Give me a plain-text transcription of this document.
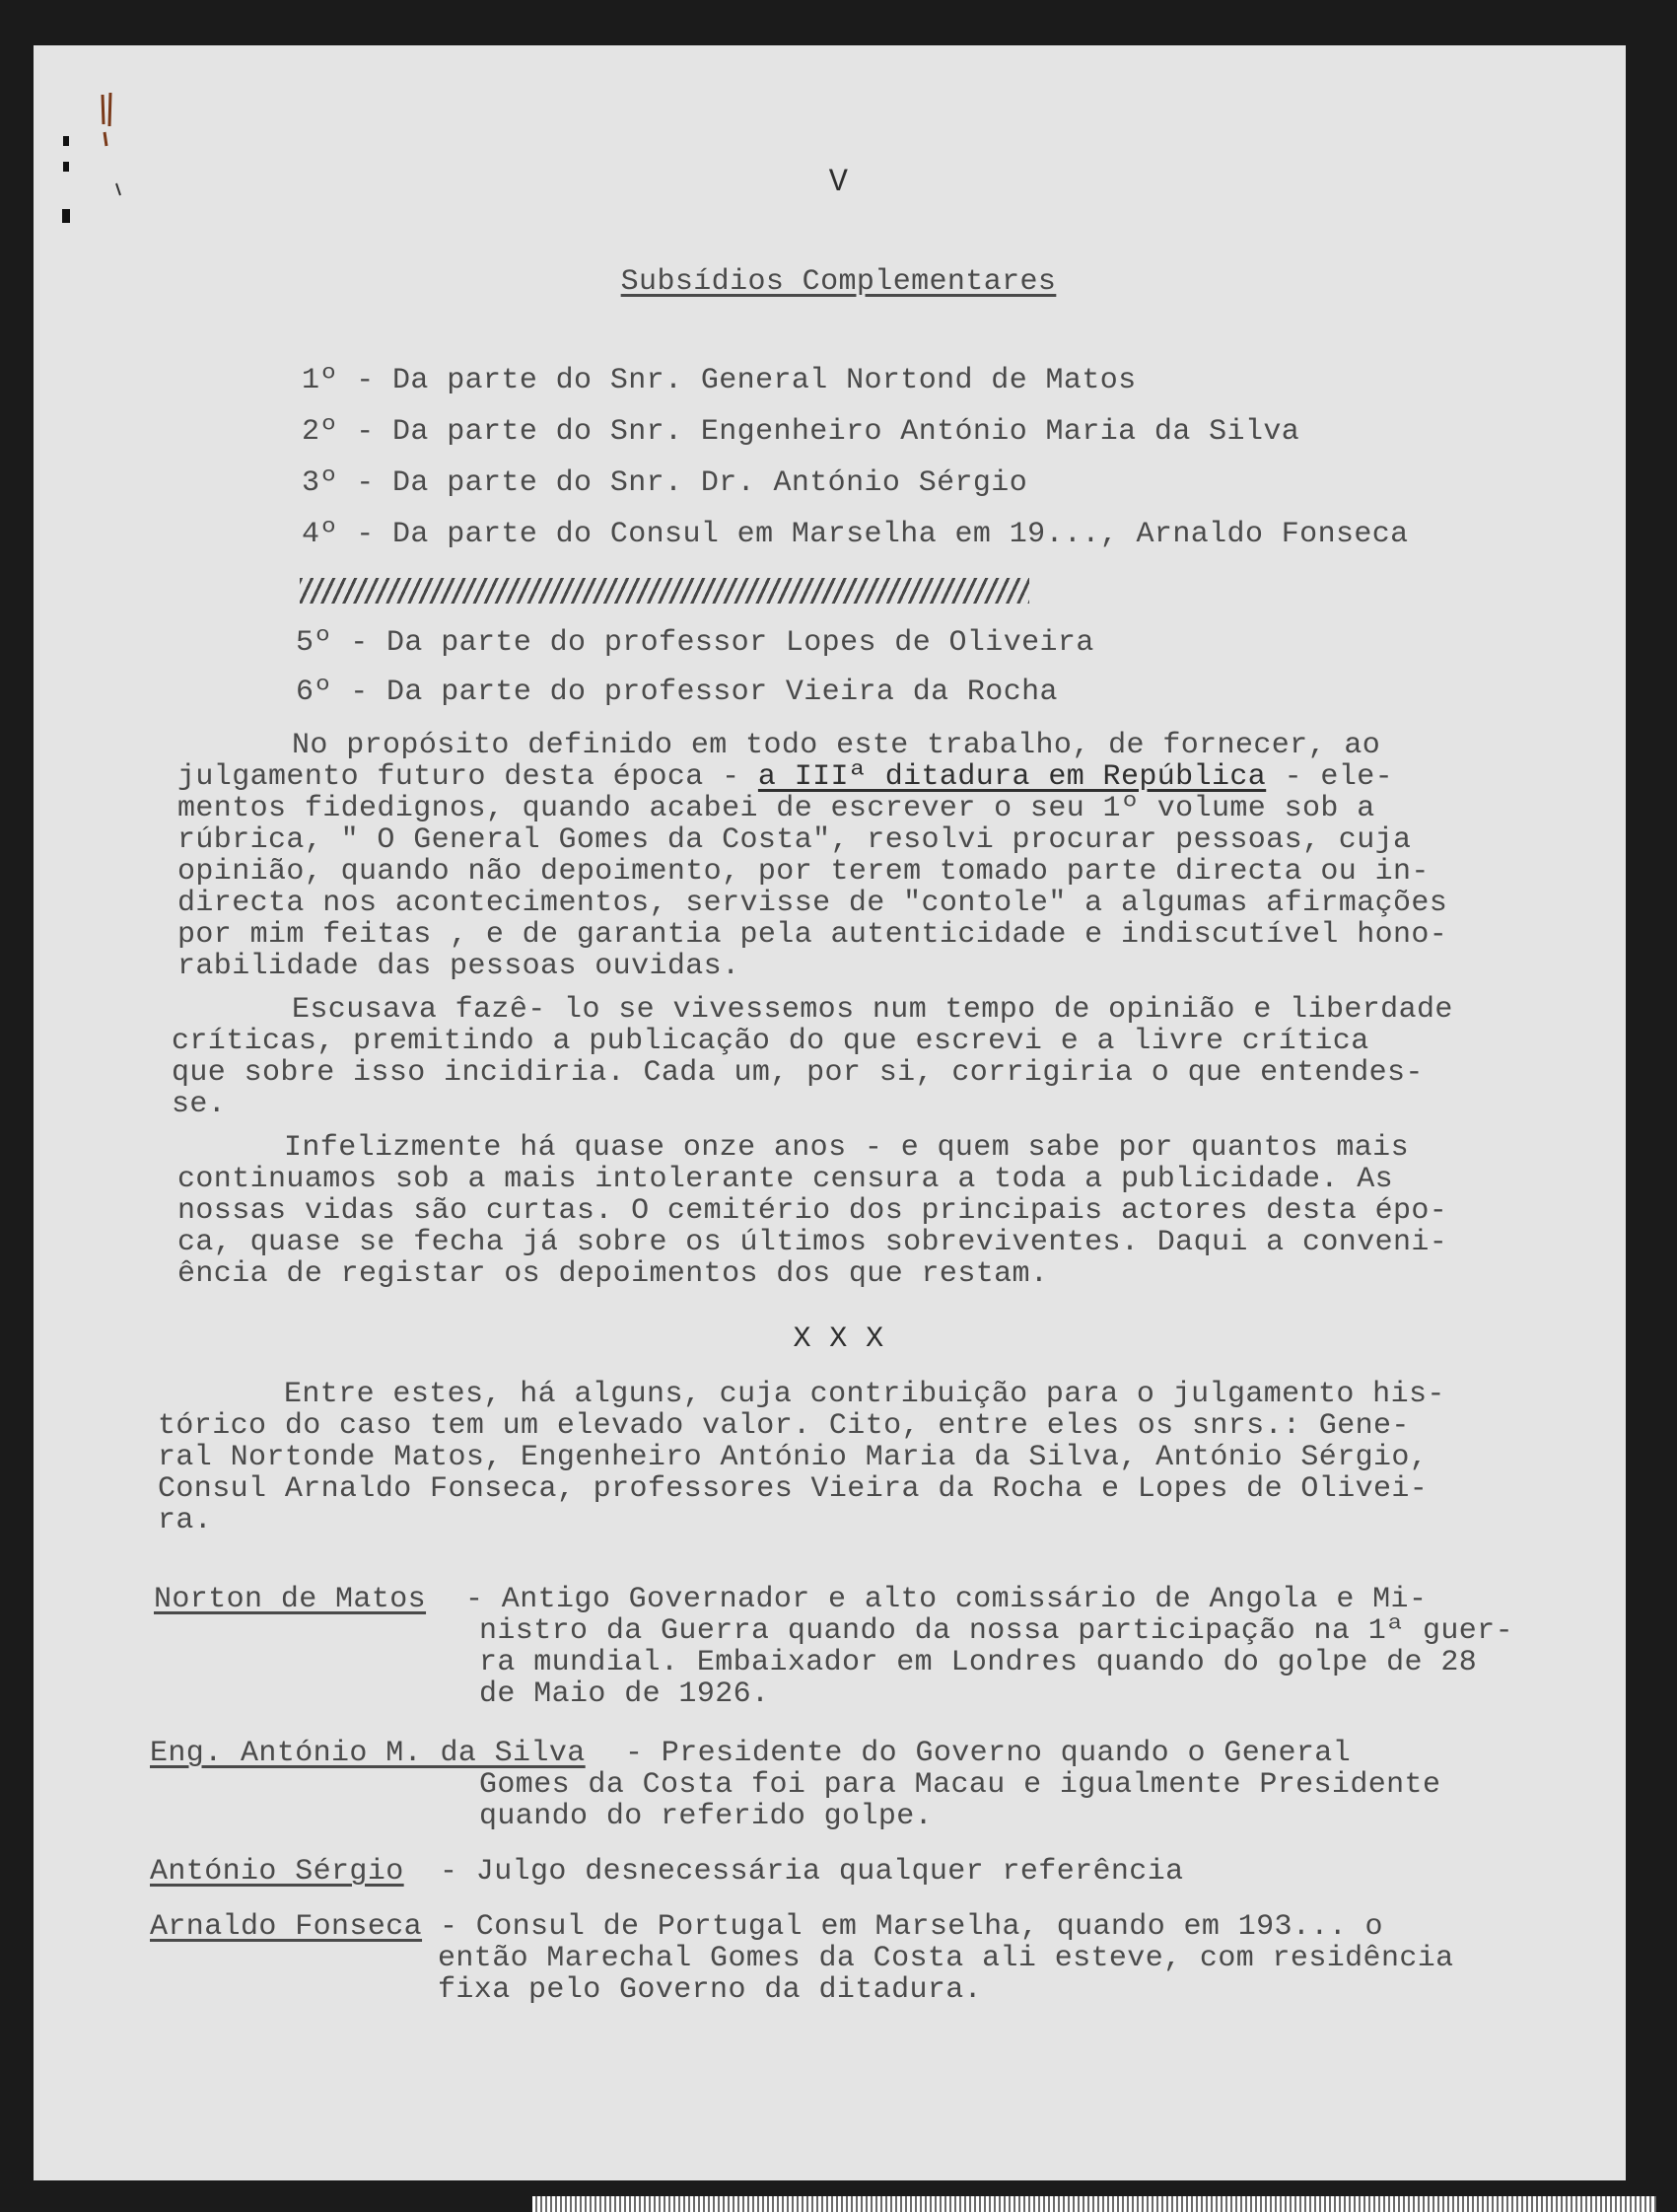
V
Subsídios Complementares
1º - Da parte do Snr. General Nortond de Matos
2º - Da parte do Snr. Engenheiro António Maria da Silva
3º - Da parte do Snr. Dr. António Sérgio
4º - Da parte do Consul em Marselha em 19..., Arnaldo Fonseca
5º - Da parte do professor Lopes de Oliveira
6º - Da parte do professor Vieira da Rocha
No propósito definido em todo este trabalho, de fornecer, ao
julgamento futuro desta época - a IIIª ditadura em República - ele-
mentos fidedignos, quando acabei de escrever o seu 1º volume sob a
rúbrica, " O General Gomes da Costa", resolvi procurar pessoas, cuja
opinião, quando não depoimento, por terem tomado parte directa ou in-
directa nos acontecimentos, servisse de "contole" a algumas afirmações
por mim feitas , e de garantia pela autenticidade e indiscutível hono-
rabilidade das pessoas ouvidas.
Escusava fazê- lo se vivessemos num tempo de opinião e liberdade
críticas, premitindo a publicação do que escrevi e a livre crítica
que sobre isso incidiria. Cada um, por si, corrigiria o que entendes-
se.
Infelizmente há quase onze anos - e quem sabe por quantos mais
continuamos sob a mais intolerante censura a toda a publicidade. As
nossas vidas são curtas. O cemitério dos principais actores desta épo-
ca, quase se fecha já sobre os últimos sobreviventes. Daqui a conveni-
ência de registar os depoimentos dos que restam.
X X X
Entre estes, há alguns, cuja contribuição para o julgamento his-
tórico do caso tem um elevado valor. Cito, entre eles os snrs.: Gene-
ral Nortonde Matos, Engenheiro António Maria da Silva, António Sérgio,
Consul Arnaldo Fonseca, professores Vieira da Rocha e Lopes de Olivei-
ra.
Norton de Matos - Antigo Governador e alto comissário de Angola e Mi-
nistro da Guerra quando da nossa participação na 1ª guer-
ra mundial. Embaixador em Londres quando do golpe de 28
de Maio de 1926.
Eng. António M. da Silva - Presidente do Governo quando o General
Gomes da Costa foi para Macau e igualmente Presidente
quando do referido golpe.
António Sérgio - Julgo desnecessária qualquer referência
Arnaldo Fonseca - Consul de Portugal em Marselha, quando em 193... o
então Marechal Gomes da Costa ali esteve, com residência
fixa pelo Governo da ditadura.
